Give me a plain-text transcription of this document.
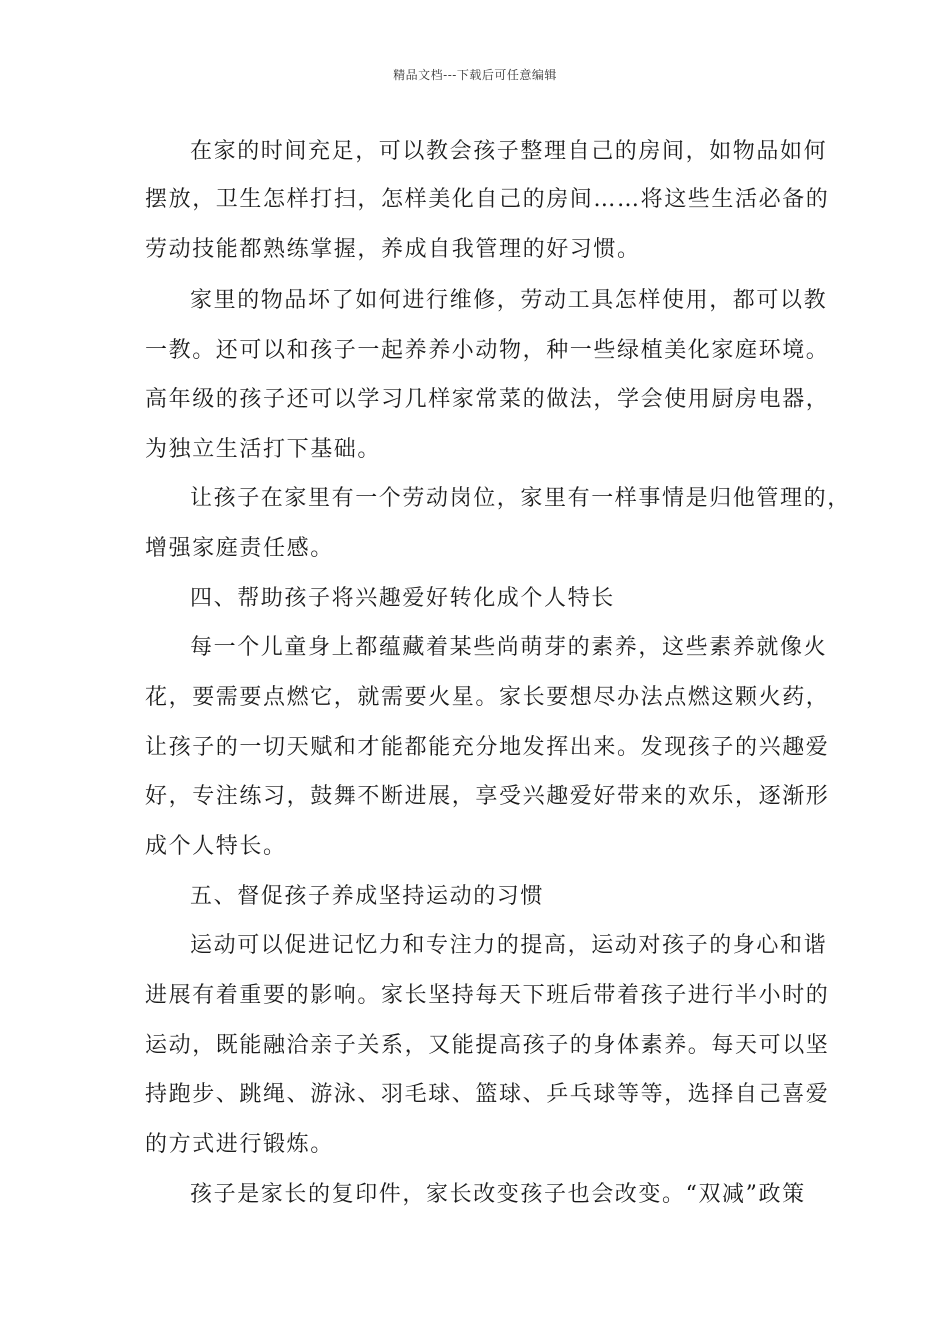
精品文档---下载后可任意编辑
在家的时间充足，可以教会孩子整理自己的房间，如物品如何
摆放，卫生怎样打扫，怎样美化自己的房间……将这些生活必备的
劳动技能都熟练掌握，养成自我管理的好习惯。
家里的物品坏了如何进行维修，劳动工具怎样使用，都可以教
一教。还可以和孩子一起养养小动物，种一些绿植美化家庭环境。
高年级的孩子还可以学习几样家常菜的做法，学会使用厨房电器，
为独立生活打下基础。
让孩子在家里有一个劳动岗位，家里有一样事情是归他管理的，
增强家庭责任感。
四、帮助孩子将兴趣爱好转化成个人特长
每一个儿童身上都蕴藏着某些尚萌芽的素养，这些素养就像火
花，要需要点燃它，就需要火星。家长要想尽办法点燃这颗火药，
让孩子的一切天赋和才能都能充分地发挥出来。发现孩子的兴趣爱
好，专注练习，鼓舞不断进展，享受兴趣爱好带来的欢乐，逐渐形
成个人特长。
五、督促孩子养成坚持运动的习惯
运动可以促进记忆力和专注力的提高，运动对孩子的身心和谐
进展有着重要的影响。家长坚持每天下班后带着孩子进行半小时的
运动，既能融洽亲子关系，又能提高孩子的身体素养。每天可以坚
持跑步、跳绳、游泳、羽毛球、篮球、乒乓球等等，选择自己喜爱
的方式进行锻炼。
孩子是家长的复印件，家长改变孩子也会改变。“双减”政策
